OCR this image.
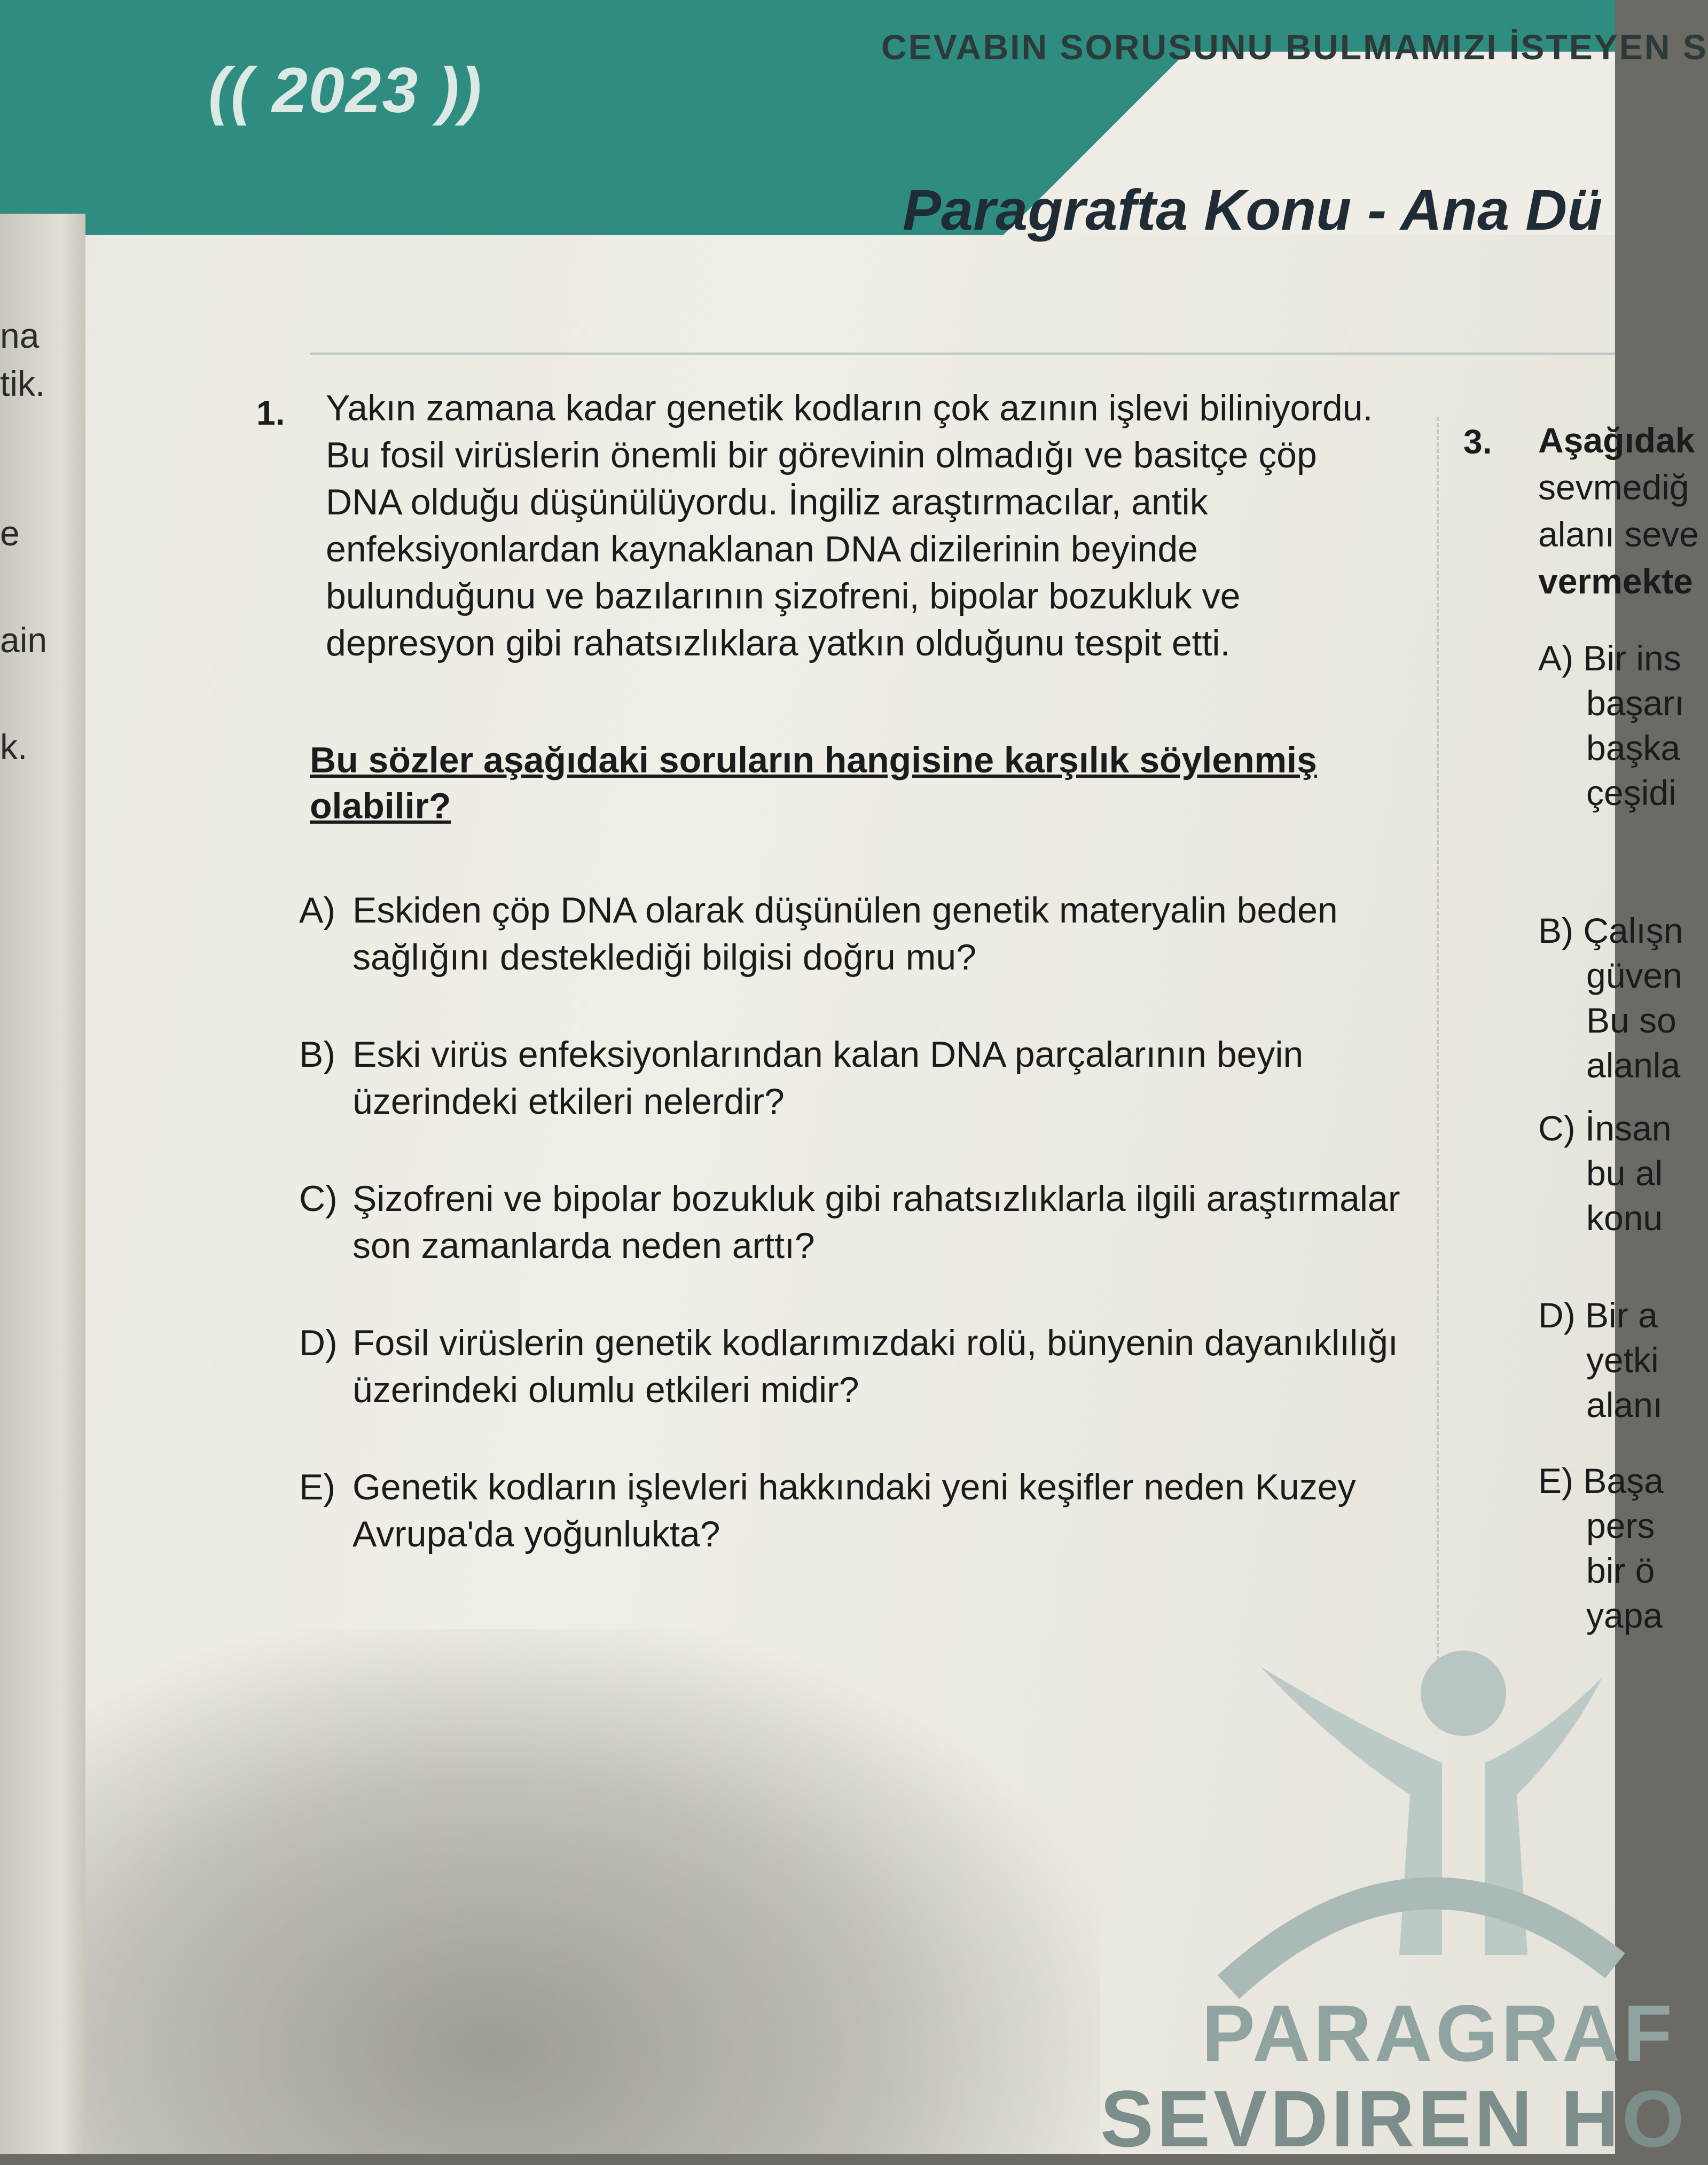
na
tik.
e
ain
k.
(( 2023 ))
CEVABIN SORUSUNU BULMAMIZI İSTEYEN S
Paragrafta Konu - Ana Dü
1. Yakın zamana kadar genetik kodların çok azının işlevi biliniyordu. Bu fosil virüslerin önemli bir görevinin olmadığı ve basitçe çöp DNA olduğu düşünülüyordu. İngiliz araştırmacılar, antik enfeksiyonlardan kaynaklanan DNA dizilerinin beyinde bulunduğunu ve bazılarının şizofreni, bipolar bozukluk ve depresyon gibi rahatsızlıklara yatkın olduğunu tespit etti.

Bu sözler aşağıdaki soruların hangisine karşılık söylenmiş olabilir?

A) Eskiden çöp DNA olarak düşünülen genetik materyalin beden sağlığını desteklediği bilgisi doğru mu?

B) Eski virüs enfeksiyonlarından kalan DNA parçalarının beyin üzerindeki etkileri nelerdir?

C) Şizofreni ve bipolar bozukluk gibi rahatsızlıklarla ilgili araştırmalar son zamanlarda neden arttı?

D) Fosil virüslerin genetik kodlarımızdaki rolü, bünyenin dayanıklılığı üzerindeki olumlu etkileri midir?

E) Genetik kodların işlevleri hakkındaki yeni keşifler neden Kuzey Avrupa'da yoğunlukta?

3. Aşağıdak
sevmediğ
alanı seve
vermekte
A) Bir ins
başarı
başka
çeşidi
B) Çalışn
güven
Bu so
alanla
C) İnsan
bu al
konu
D) Bir a
yetki
alanı
E) Başa
pers
bir ö
yapa
PARAGRAF
SEVDIREN HO
